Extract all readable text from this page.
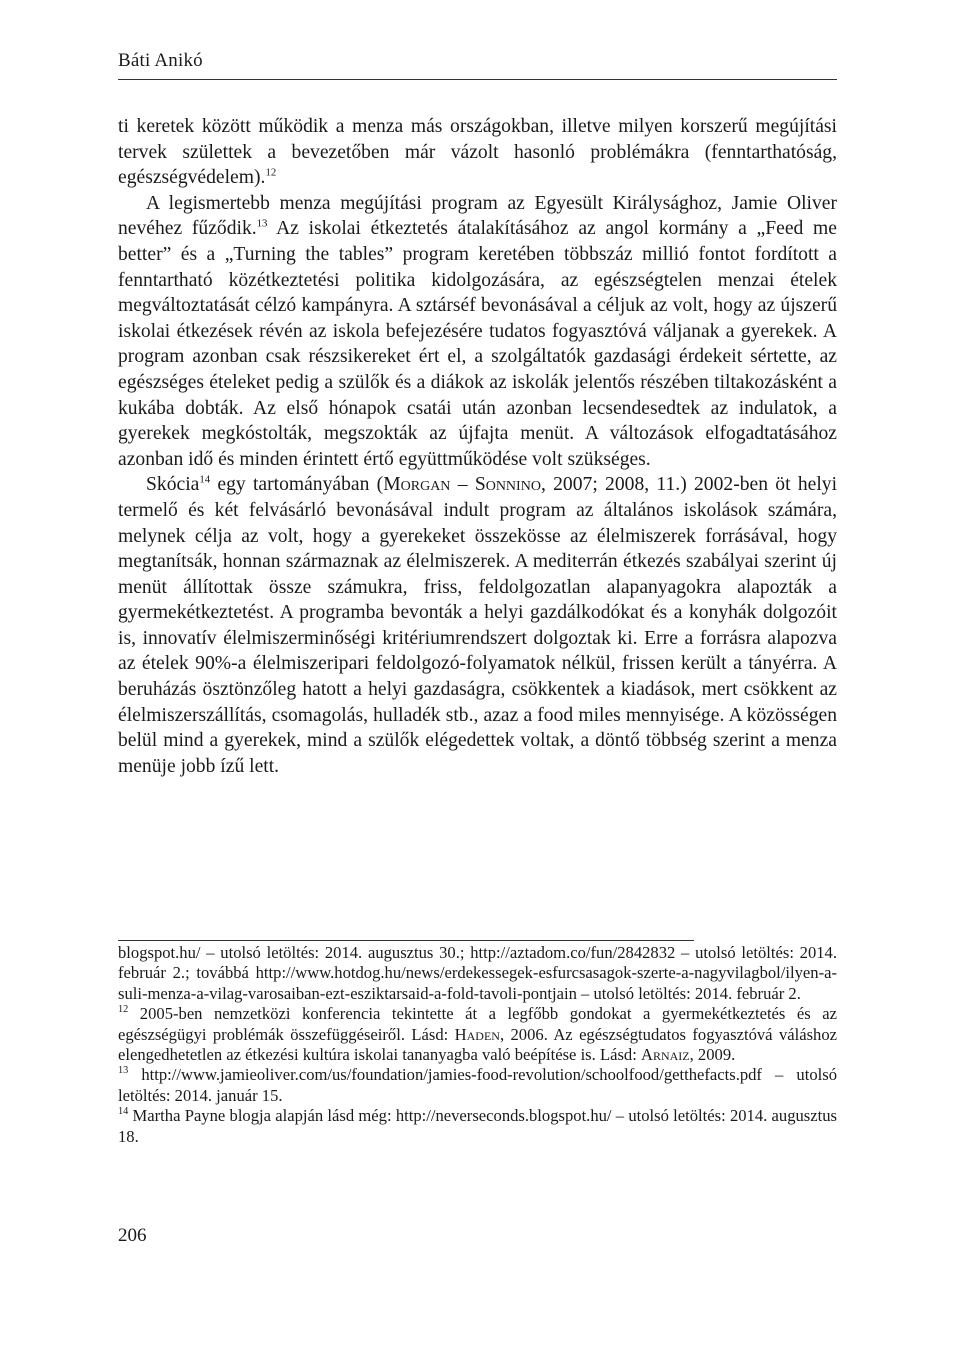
Báti Anikó

ti keretek között működik a menza más országokban, illetve milyen korszerű megújítási tervek születtek a bevezetőben már vázolt hasonló problémákra (fenntarthatóság, egészségvédelem).$^{12}$

A legismertebb menza megújítási program az Egyesült Királysághoz, Jamie Oliver nevéhez fűződik.$^{13}$ Az iskolai étkeztetés átalakításához az angol kormány a „Feed me better” és a „Turning the tables” program keretében többszáz millió fontot fordított a fenntartható közétkeztetési politika kidolgozására, az egészségtelen menzai ételek megváltoztatását célzó kampányra. A sztárséf bevonásával a céljuk az volt, hogy az újszerű iskolai étkezések révén az iskola befejezésére tudatos fogyasztóvá váljanak a gyerekek. A program azonban csak részsikereket ért el, a szolgáltatók gazdasági érdekeit sértette, az egészséges ételeket pedig a szülők és a diákok az iskolák jelentős részében tiltakozásként a kukába dobták. Az első hónapok csatái után azonban lecsendesedtek az indulatok, a gyerekek megkóstolták, megszokták az újfajta menüt. A változások elfogadtatásához azonban idő és minden érintett értő együttműködése volt szükséges.

Skócia$^{14}$ egy tartományában (Morgan – Sonnino, 2007; 2008, 11.) 2002-ben öt helyi termelő és két felvásárló bevonásával indult program az általános iskolások számára, melynek célja az volt, hogy a gyerekeket összekösse az élelmiszerek forrásával, hogy megtanítsák, honnan származnak az élelmiszerek. A mediterrán étkezés szabályai szerint új menüt állítottak össze számukra, friss, feldolgozatlan alapanyagokra alapozták a gyermekétkeztetést. A programba bevonták a helyi gazdálkodókat és a konyhák dolgozóit is, innovatív élelmiszerminőségi kritériumrendszert dolgoztak ki. Erre a forrásra alapozva az ételek 90%-a élelmiszeripari feldolgozó-folyamatok nélkül, frissen került a tányérra. A beruházás ösztönzőleg hatott a helyi gazdaságra, csökkentek a kiadások, mert csökkent az élelmiszerszállítás, csomagolás, hulladék stb., azaz a food miles mennyisége. A közösségen belül mind a gyerekek, mind a szülők elégedettek voltak, a döntő többség szerint a menza menüje jobb ízű lett.

blogspot.hu/ – utolsó letöltés: 2014. augusztus 30.; http://aztadom.co/fun/2842832 – utolsó letöltés: 2014. február 2.; továbbá http://www.hotdog.hu/news/erdekessegek-esfurcsasagok-szerte-a-nagyvilagbol/ilyen-a-suli-menza-a-vilag-varosaiban-ezt-esziktarsaid-a-fold-tavoli-pontjain – utolsó letöltés: 2014. február 2.

$^{12}$ 2005-ben nemzetközi konferencia tekintette át a legfőbb gondokat a gyermekétkeztetés és az egészségügyi problémák összefüggéseiről. Lásd: Haden, 2006. Az egészségtudatos fogyasztóvá váláshoz elengedhetetlen az étkezési kultúra iskolai tananyagba való beépítése is. Lásd: Arnaiz, 2009.

$^{13}$ http://www.jamieoliver.com/us/foundation/jamies-food-revolution/schoolfood/getthefacts.pdf – utolsó letöltés: 2014. január 15.

$^{14}$ Martha Payne blogja alapján lásd még: http://neverseconds.blogspot.hu/ – utolsó letöltés: 2014. augusztus 18.

206
